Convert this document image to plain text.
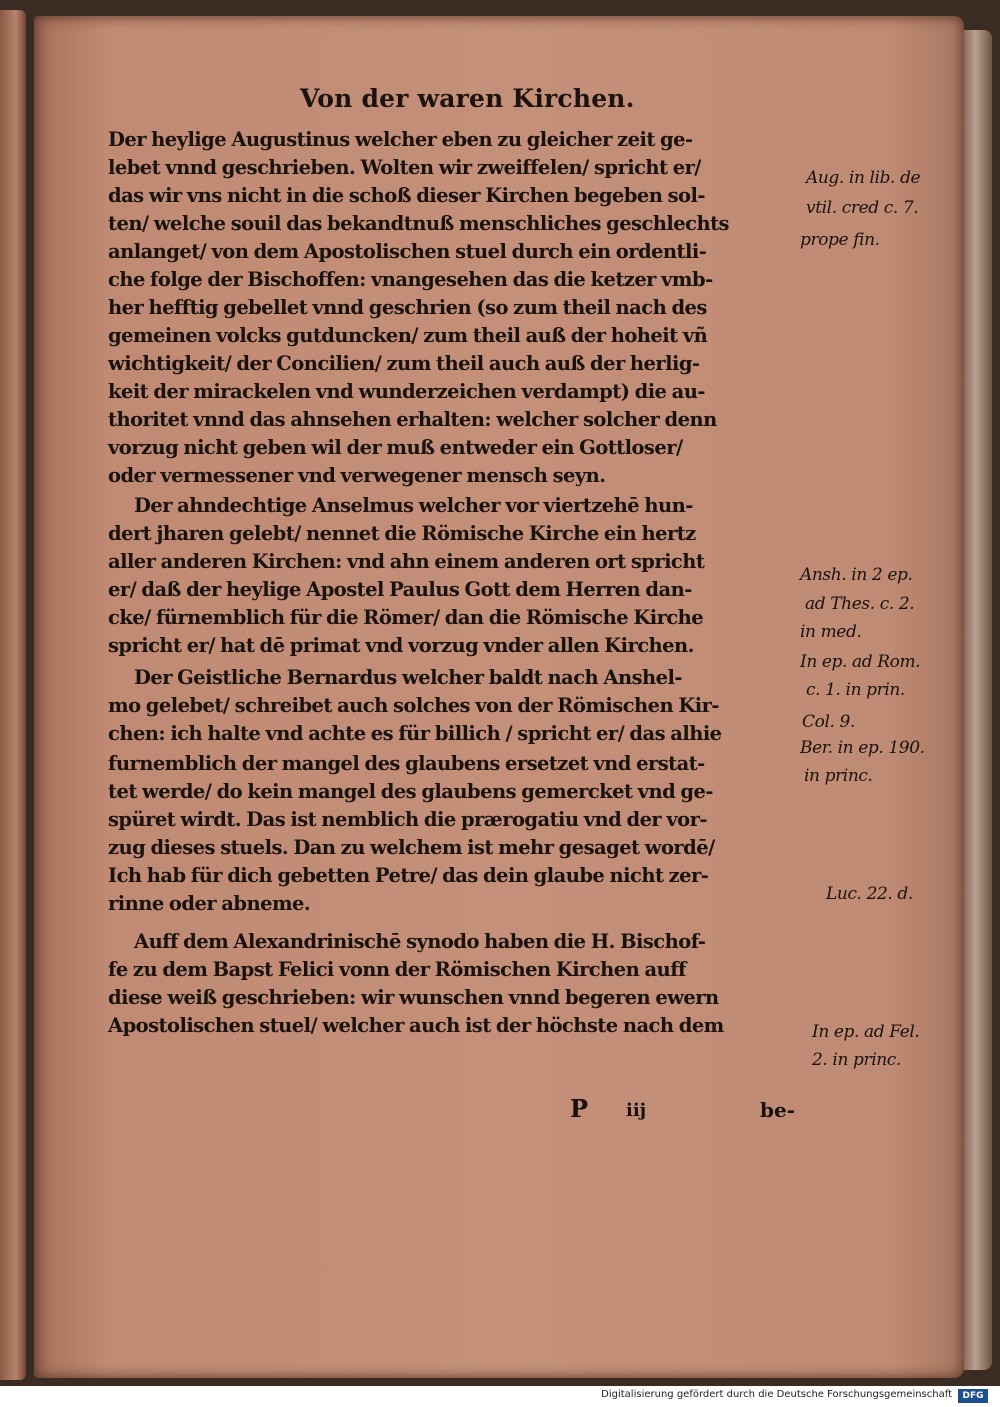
Von der waren Kirchen.
Der heylige Augustinus welcher eben zu gleicher zeit ge-
lebet vnnd geschrieben. Wolten wir zweiffelen/ spricht er/
das wir vns nicht in die schoß dieser Kirchen begeben sol-
ten/ welche souil das bekandtnuß menschliches geschlechts
anlanget/ von dem Apostolischen stuel durch ein ordentli-
che folge der Bischoffen: vnangesehen das die ketzer vmb-
her hefftig gebellet vnnd geschrien (so zum theil nach des
gemeinen volcks gutduncken/ zum theil auß der hoheit vñ
wichtigkeit/ der Concilien/ zum theil auch auß der herlig-
keit der mirackelen vnd wunderzeichen verdampt) die au-
thoritet vnnd das ahnsehen erhalten: welcher solcher denn
vorzug nicht geben wil der muß entweder ein Gottloser/
oder vermessener vnd verwegener mensch seyn.
Der ahndechtige Anselmus welcher vor viertzehē hun-
dert jharen gelebt/ nennet die Römische Kirche ein hertz
aller anderen Kirchen: vnd ahn einem anderen ort spricht
er/ daß der heylige Apostel Paulus Gott dem Herren dan-
cke/ fürnemblich für die Römer/ dan die Römische Kirche
spricht er/ hat dē primat vnd vorzug vnder allen Kirchen.
Der Geistliche Bernardus welcher baldt nach Anshel-
mo gelebet/ schreibet auch solches von der Römischen Kir-
chen: ich halte vnd achte es für billich / spricht er/ das alhie
furnemblich der mangel des glaubens ersetzet vnd erstat-
tet werde/ do kein mangel des glaubens gemercket vnd ge-
spüret wirdt. Das ist nemblich die prærogatiu vnd der vor-
zug dieses stuels. Dan zu welchem ist mehr gesaget wordē/
Ich hab für dich gebetten Petre/ das dein glaube nicht zer-
rinne oder abneme.
Auff dem Alexandrinischē synodo haben die H. Bischof-
fe zu dem Bapst Felici vonn der Römischen Kirchen auff
diese weiß geschrieben: wir wunschen vnnd begeren ewern
Apostolischen stuel/ welcher auch ist der höchste nach dem
Aug. in lib. de
vtil. cred c. 7.
prope fin.
Ansh. in 2 ep.
ad Thes. c. 2.
in med.
In ep. ad Rom.
c. 1. in prin.
Col. 9.
Ber. in ep. 190.
in princ.
Luc. 22. d.
In ep. ad Fel.
2. in princ.
P iij	be-
Digitalisierung gefördert durch die Deutsche Forschungsgemeinschaft	DFG
